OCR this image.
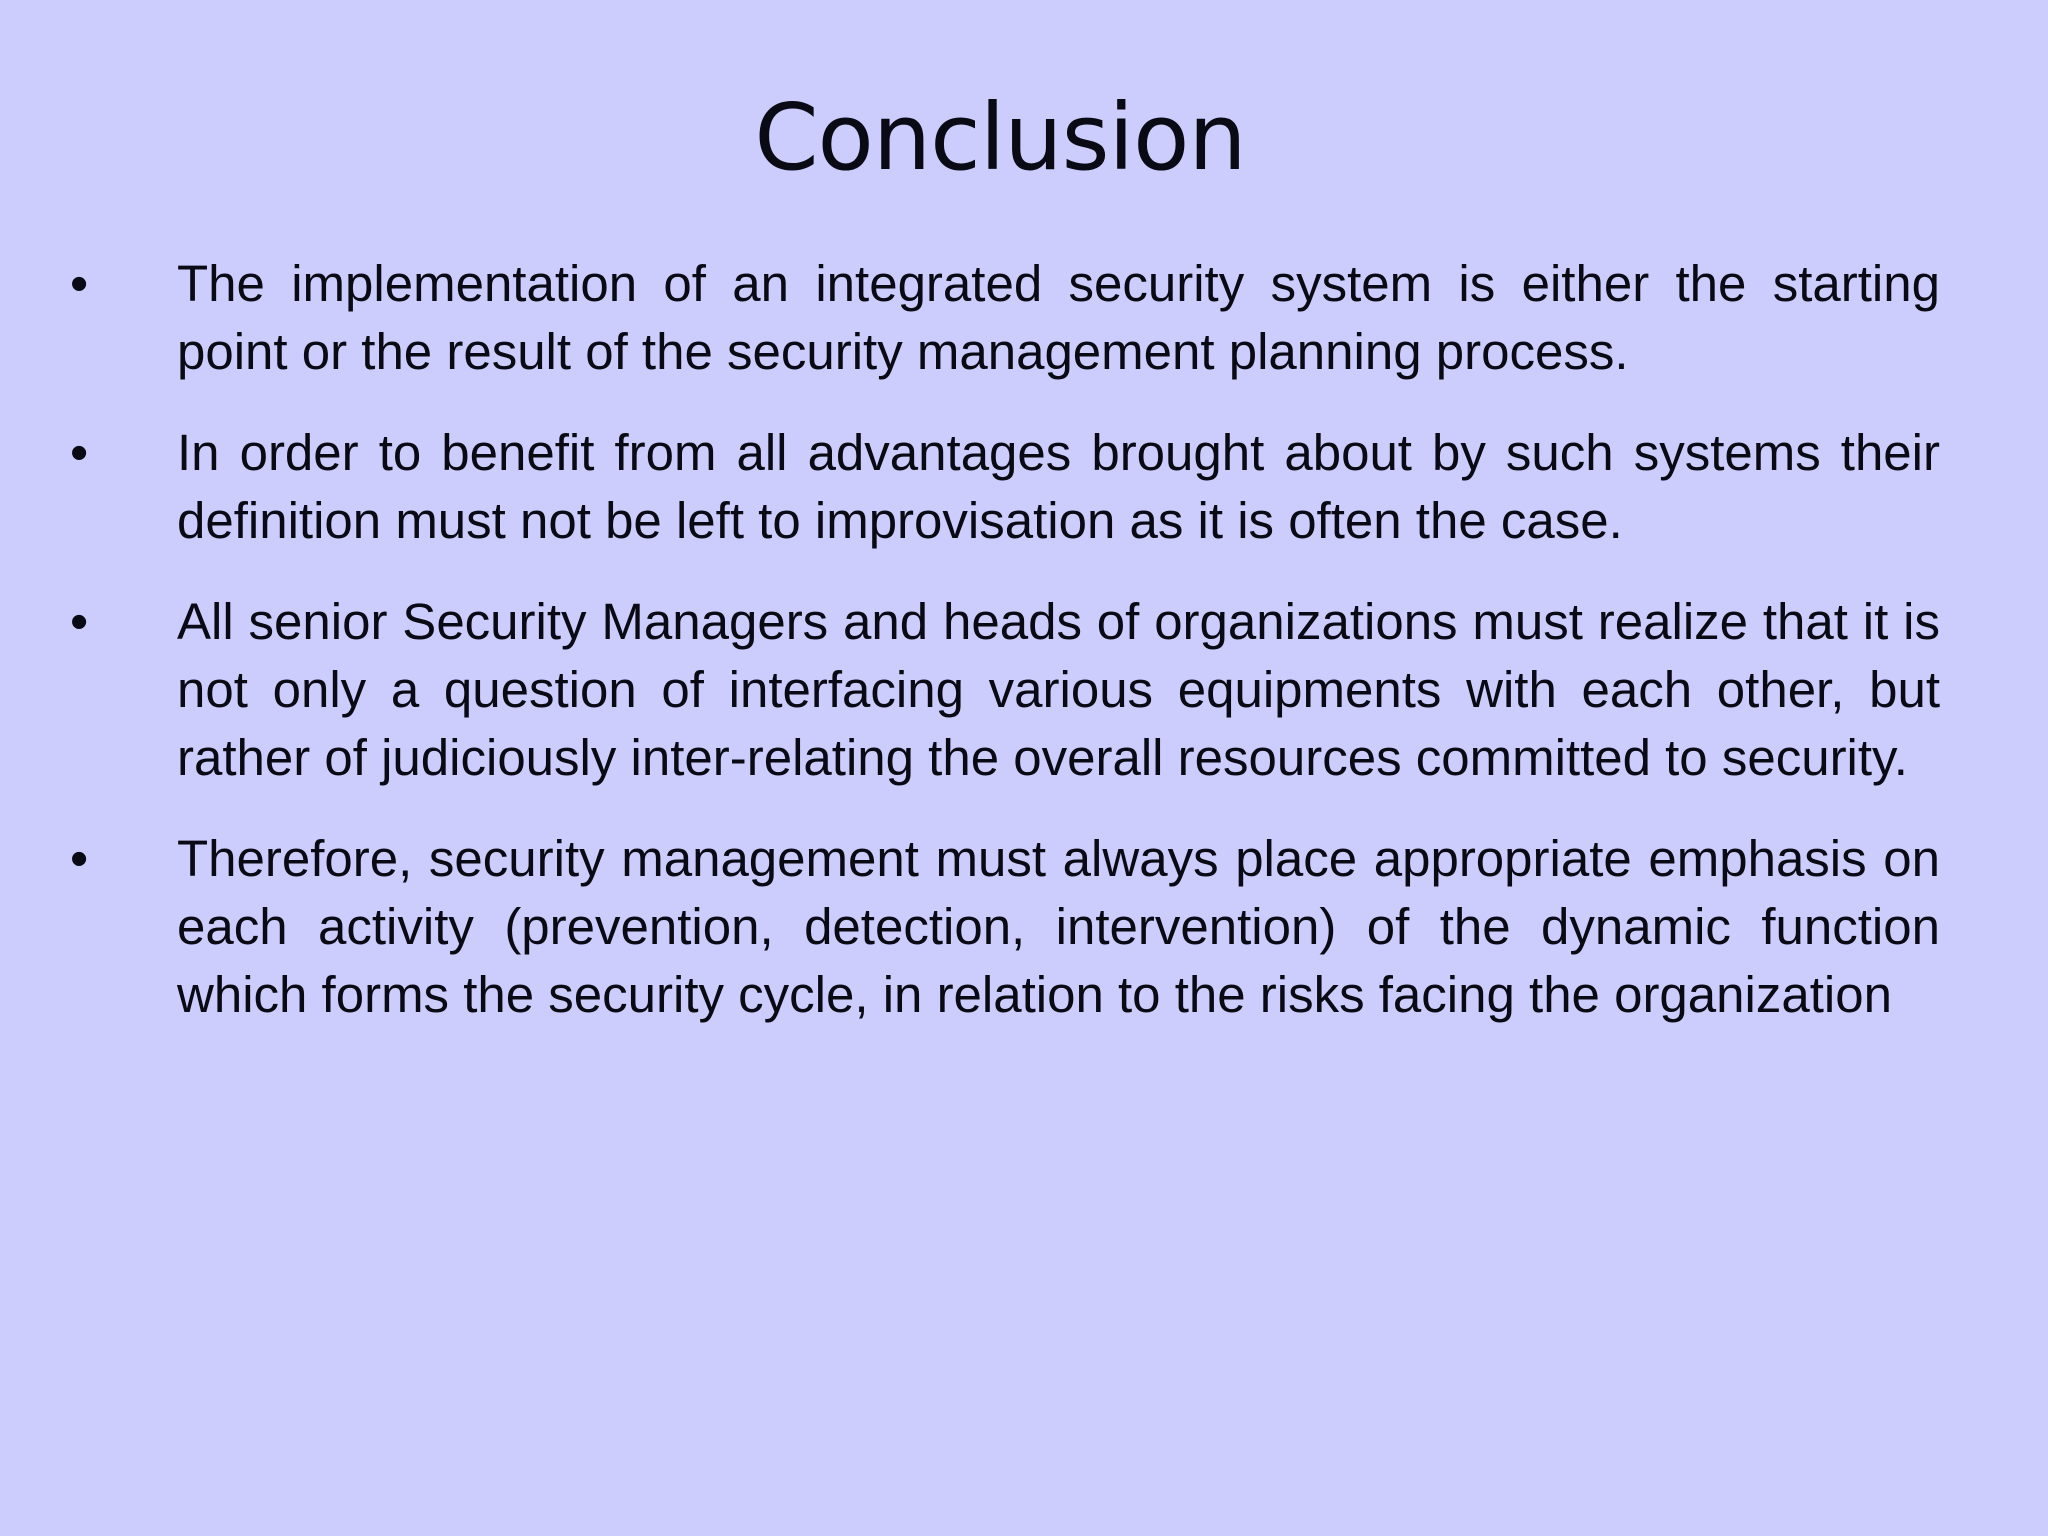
Conclusion
• The implementation of an integrated security system is either the starting point or the result of the security management planning process.
• In order to benefit from all advantages brought about by such systems their definition must not be left to improvisation as it is often the case.
• All senior Security Managers and heads of organizations must realize that it is not only a question of interfacing various equipments with each other, but rather of judiciously inter-relating the overall resources committed to security.
• Therefore, security management must always place appropriate emphasis on each activity (prevention, detection, intervention) of the dynamic function which forms the security cycle, in relation to the risks facing the organization
